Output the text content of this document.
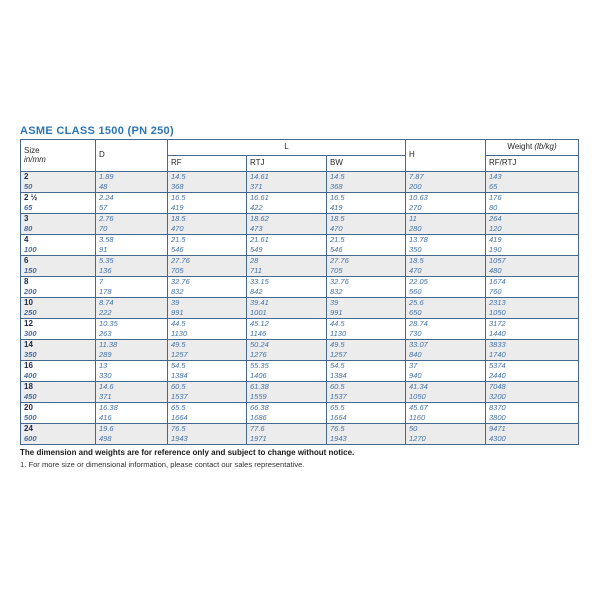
ASME CLASS 1500 (PN 250)
Size
in/mm	D	L			H	Weight (lb/kg)
		RF	RTJ	BW		RF/RTJ
2	1.89	14.5	14.61	14.5	7.87	143
50	48	368	371	368	200	65
2 ½	2.24	16.5	16.61	16.5	10.63	176
65	57	419	422	419	270	80
3	2.76	18.5	18.62	18.5	11	264
80	70	470	473	470	280	120
4	3.58	21.5	21.61	21.5	13.78	419
100	91	546	549	546	350	190
6	5.35	27.76	28	27.76	18.5	1057
150	136	705	711	705	470	480
8	7	32.76	33.15	32.76	22.05	1674
200	178	832	842	832	560	760
10	8.74	39	39.41	39	25.6	2313
250	222	991	1001	991	650	1050
12	10.35	44.5	45.12	44.5	28.74	3172
300	263	1130	1146	1130	730	1440
14	11.38	49.5	50.24	49.5	33.07	3833
350	289	1257	1276	1257	840	1740
16	13	54.5	55.35	54.5	37	5374
400	330	1384	1406	1384	940	2440
18	14.6	60.5	61.38	60.5	41.34	7048
450	371	1537	1559	1537	1050	3200
20	16.38	65.5	66.38	65.5	45.67	8370
500	416	1664	1686	1664	1160	3800
24	19.6	76.5	77.6	76.5	50	9471
600	498	1943	1971	1943	1270	4300
The dimension and weights are for reference only and subject to change without notice.
1. For more size or dimensional information, please contact our sales representative.
